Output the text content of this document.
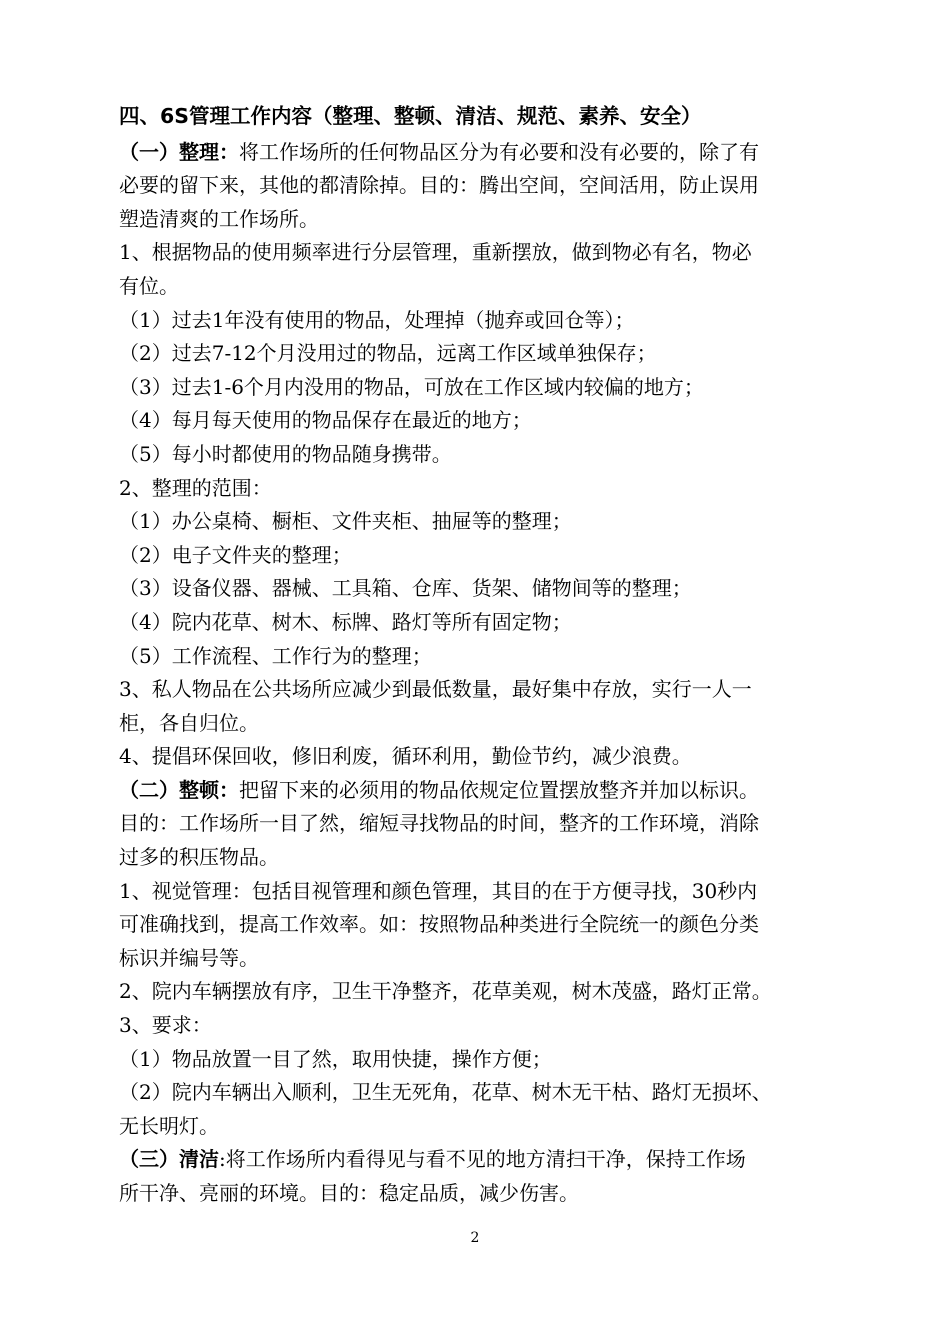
四、6S管理工作内容（整理、整顿、清洁、规范、素养、安全）
（一）整理：将工作场所的任何物品区分为有必要和没有必要的，除了有
必要的留下来，其他的都清除掉。目的：腾出空间，空间活用，防止误用
塑造清爽的工作场所。
1、根据物品的使用频率进行分层管理，重新摆放，做到物必有名，物必
有位。
（1）过去1年没有使用的物品，处理掉（抛弃或回仓等）；
（2）过去7-12个月没用过的物品，远离工作区域单独保存；
（3）过去1-6个月内没用的物品，可放在工作区域内较偏的地方；
（4）每月每天使用的物品保存在最近的地方；
（5）每小时都使用的物品随身携带。
2、整理的范围：
（1）办公桌椅、橱柜、文件夹柜、抽屉等的整理；
（2）电子文件夹的整理；
（3）设备仪器、器械、工具箱、仓库、货架、储物间等的整理；
（4）院内花草、树木、标牌、路灯等所有固定物；
（5）工作流程、工作行为的整理；
3、私人物品在公共场所应减少到最低数量，最好集中存放，实行一人一
柜，各自归位。
4、提倡环保回收，修旧利废，循环利用，勤俭节约，减少浪费。
（二）整顿：把留下来的必须用的物品依规定位置摆放整齐并加以标识。
目的：工作场所一目了然，缩短寻找物品的时间，整齐的工作环境，消除
过多的积压物品。
1、视觉管理：包括目视管理和颜色管理，其目的在于方便寻找，30秒内
可准确找到，提高工作效率。如：按照物品种类进行全院统一的颜色分类
标识并编号等。
2、院内车辆摆放有序，卫生干净整齐，花草美观，树木茂盛，路灯正常。
3、要求：
（1）物品放置一目了然，取用快捷，操作方便；
（2）院内车辆出入顺利，卫生无死角，花草、树木无干枯、路灯无损坏、
无长明灯。
（三）清洁:将工作场所内看得见与看不见的地方清扫干净，保持工作场
所干净、亮丽的环境。目的：稳定品质，减少伤害。
2
